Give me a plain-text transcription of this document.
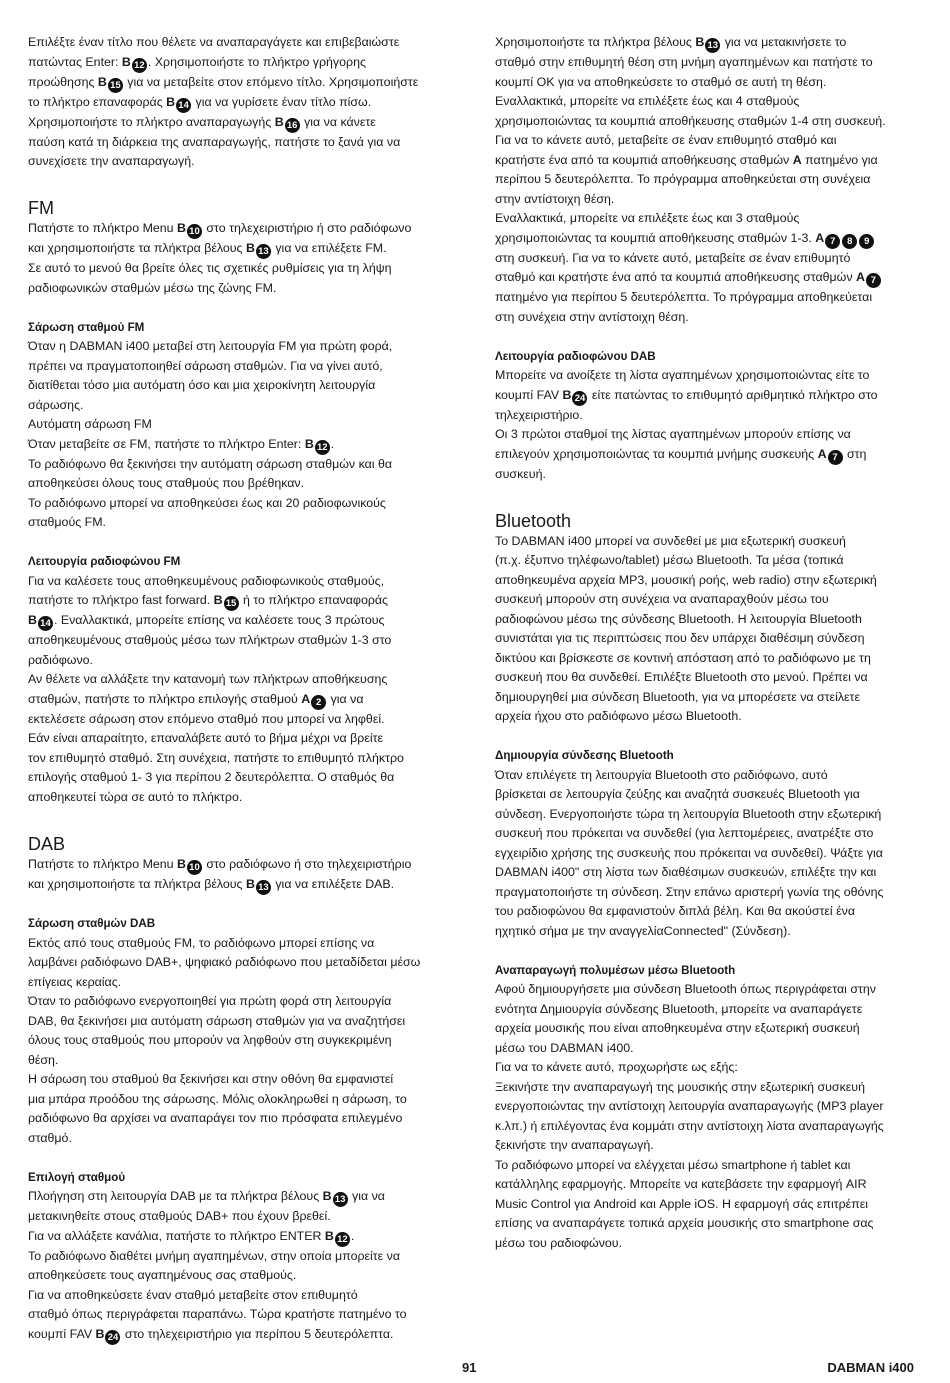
Επιλέξτε έναν τίτλο που θέλετε να αναπαραγάγετε και επιβεβαιώστε

πατώντας Enter: B 12 . Χρησιμοποιήστε το πλήκτρο γρήγορης

προώθησης B 15 για να μεταβείτε στον επόμενο τίτλο. Χρησιμοποιήστε

το πλήκτρο επαναφοράς B 14 για να γυρίσετε έναν τίτλο πίσω.

Χρησιμοποιήστε το πλήκτρο αναπαραγωγής B 16 για να κάνετε

παύση κατά τη διάρκεια της αναπαραγωγής, πατήστε το ξανά για να

συνεχίσετε την αναπαραγωγή.

FM

Πατήστε το πλήκτρο Menu B 10 στο τηλεχειριστήριο ή στο ραδιόφωνο

και χρησιμοποιήστε τα πλήκτρα βέλους B 13 για να επιλέξετε FM.

Σε αυτό το μενού θα βρείτε όλες τις σχετικές ρυθμίσεις για τη λήψη

ραδιοφωνικών σταθμών μέσω της ζώνης FM.

Σάρωση σταθμού FM

Όταν η DABMAN i400 μεταβεί στη λειτουργία FM για πρώτη φορά,

πρέπει να πραγματοποιηθεί σάρωση σταθμών. Για να γίνει αυτό,

διατίθεται τόσο μια αυτόματη όσο και μια χειροκίνητη λειτουργία

σάρωσης.

Αυτόματη σάρωση FM

Όταν μεταβείτε σε FM, πατήστε το πλήκτρο Enter: B 12 .

Το ραδιόφωνο θα ξεκινήσει την αυτόματη σάρωση σταθμών και θα

αποθηκεύσει όλους τους σταθμούς που βρέθηκαν.

Το ραδιόφωνο μπορεί να αποθηκεύσει έως και 20 ραδιοφωνικούς

σταθμούς FM.

Λειτουργία ραδιοφώνου FM

Για να καλέσετε τους αποθηκευμένους ραδιοφωνικούς σταθμούς,

πατήστε το πλήκτρο fast forward. B 15 ή το πλήκτρο επαναφοράς

B 14 . Εναλλακτικά, μπορείτε επίσης να καλέσετε τους 3 πρώτους

αποθηκευμένους σταθμούς μέσω των πλήκτρων σταθμών 1-3 στο

ραδιόφωνο.

Αν θέλετε να αλλάξετε την κατανομή των πλήκτρων αποθήκευσης

σταθμών, πατήστε το πλήκτρο επιλογής σταθμού A 2 για να

εκτελέσετε σάρωση στον επόμενο σταθμό που μπορεί να ληφθεί.

Εάν είναι απαραίτητο, επαναλάβετε αυτό το βήμα μέχρι να βρείτε

τον επιθυμητό σταθμό. Στη συνέχεια, πατήστε το επιθυμητό πλήκτρο

επιλογής σταθμού 1- 3 για περίπου 2 δευτερόλεπτα. Ο σταθμός θα

αποθηκευτεί τώρα σε αυτό το πλήκτρο.

DAB

Πατήστε το πλήκτρο Menu B 10 στο ραδιόφωνο ή στο τηλεχειριστήριο

και χρησιμοποιήστε τα πλήκτρα βέλους B 13 για να επιλέξετε DAB.

Σάρωση σταθμών DAB

Εκτός από τους σταθμούς FM, το ραδιόφωνο μπορεί επίσης να

λαμβάνει ραδιόφωνο DAB+, ψηφιακό ραδιόφωνο που μεταδίδεται μέσω

επίγειας κεραίας.

Όταν το ραδιόφωνο ενεργοποιηθεί για πρώτη φορά στη λειτουργία

DAB, θα ξεκινήσει μια αυτόματη σάρωση σταθμών για να αναζητήσει

όλους τους σταθμούς που μπορούν να ληφθούν στη συγκεκριμένη

θέση.

Η σάρωση του σταθμού θα ξεκινήσει και στην οθόνη θα εμφανιστεί

μια μπάρα προόδου της σάρωσης. Μόλις ολοκληρωθεί η σάρωση, το

ραδιόφωνο θα αρχίσει να αναπαράγει τον πιο πρόσφατα επιλεγμένο

σταθμό.

Επιλογή σταθμού

Πλοήγηση στη λειτουργία DAB με τα πλήκτρα βέλους B 13 για να

μετακινηθείτε στους σταθμούς DAB+ που έχουν βρεθεί.

Για να αλλάξετε κανάλια, πατήστε το πλήκτρο ENTER B 12 .

Το ραδιόφωνο διαθέτει μνήμη αγαπημένων, στην οποία μπορείτε να

αποθηκεύσετε τους αγαπημένους σας σταθμούς.

Για να αποθηκεύσετε έναν σταθμό μεταβείτε στον επιθυμητό

σταθμό όπως περιγράφεται παραπάνω. Τώρα κρατήστε πατημένο το

κουμπί FAV B 24 στο τηλεχειριστήριο για περίπου 5 δευτερόλεπτα.

Χρησιμοποιήστε τα πλήκτρα βέλους B 13 για να μετακινήσετε το

σταθμό στην επιθυμητή θέση στη μνήμη αγαπημένων και πατήστε το

κουμπί OK για να αποθηκεύσετε το σταθμό σε αυτή τη θέση.

Εναλλακτικά, μπορείτε να επιλέξετε έως και 4 σταθμούς

χρησιμοποιώντας τα κουμπιά αποθήκευσης σταθμών 1-4 στη συσκευή.

Για να το κάνετε αυτό, μεταβείτε σε έναν επιθυμητό σταθμό και

κρατήστε ένα από τα κουμπιά αποθήκευσης σταθμών A πατημένο για

περίπου 5 δευτερόλεπτα. Το πρόγραμμα αποθηκεύεται στη συνέχεια

στην αντίστοιχη θέση.

Εναλλακτικά, μπορείτε να επιλέξετε έως και 3 σταθμούς

χρησιμοποιώντας τα κουμπιά αποθήκευσης σταθμών 1-3. A 7 8 9

στη συσκευή. Για να το κάνετε αυτό, μεταβείτε σε έναν επιθυμητό

σταθμό και κρατήστε ένα από τα κουμπιά αποθήκευσης σταθμών A 7

πατημένο για περίπου 5 δευτερόλεπτα. Το πρόγραμμα αποθηκεύεται

στη συνέχεια στην αντίστοιχη θέση.

Λειτουργία ραδιοφώνου DAB

Μπορείτε να ανοίξετε τη λίστα αγαπημένων χρησιμοποιώντας είτε το

κουμπί FAV B 24 είτε πατώντας το επιθυμητό αριθμητικό πλήκτρο στο

τηλεχειριστήριο.

Οι 3 πρώτοι σταθμοί της λίστας αγαπημένων μπορούν επίσης να

επιλεγούν χρησιμοποιώντας τα κουμπιά μνήμης συσκευής A 7 στη

συσκευή.

Bluetooth

Το DABMAN i400 μπορεί να συνδεθεί με μια εξωτερική συσκευή

(π.χ. έξυπνο τηλέφωνο/tablet) μέσω Bluetooth. Τα μέσα (τοπικά

αποθηκευμένα αρχεία MP3, μουσική ροής, web radio) στην εξωτερική

συσκευή μπορούν στη συνέχεια να αναπαραχθούν μέσω του

ραδιοφώνου μέσω της σύνδεσης Bluetooth. Η λειτουργία Bluetooth

συνιστάται για τις περιπτώσεις που δεν υπάρχει διαθέσιμη σύνδεση

δικτύου και βρίσκεστε σε κοντινή απόσταση από το ραδιόφωνο με τη

συσκευή που θα συνδεθεί. Επιλέξτε Bluetooth στο μενού. Πρέπει να

δημιουργηθεί μια σύνδεση Bluetooth, για να μπορέσετε να στείλετε

αρχεία ήχου στο ραδιόφωνο μέσω Bluetooth.

Δημιουργία σύνδεσης Bluetooth

Όταν επιλέγετε τη λειτουργία Bluetooth στο ραδιόφωνο, αυτό

βρίσκεται σε λειτουργία ζεύξης και αναζητά συσκευές Bluetooth για

σύνδεση. Ενεργοποιήστε τώρα τη λειτουργία Bluetooth στην εξωτερική

συσκευή που πρόκειται να συνδεθεί (για λεπτομέρειες, ανατρέξτε στο

εγχειρίδιο χρήσης της συσκευής που πρόκειται να συνδεθεί). Ψάξτε για

DABMAN i400" στη λίστα των διαθέσιμων συσκευών, επιλέξτε την και

πραγματοποιήστε τη σύνδεση. Στην επάνω αριστερή γωνία της οθόνης

του ραδιοφώνου θα εμφανιστούν διπλά βέλη. Και θα ακούστεί ένα

ηχητικό σήμα με την αναγγελίαConnected" (Σύνδεση).

Αναπαραγωγή πολυμέσων μέσω Bluetooth

Αφού δημιουργήσετε μια σύνδεση Bluetooth όπως περιγράφεται στην

ενότητα Δημιουργία σύνδεσης Bluetooth, μπορείτε να αναπαράγετε

αρχεία μουσικής που είναι αποθηκευμένα στην εξωτερική συσκευή

μέσω του DABMAN i400.

Για να το κάνετε αυτό, προχωρήστε ως εξής:

Ξεκινήστε την αναπαραγωγή της μουσικής στην εξωτερική συσκευή

ενεργοποιώντας την αντίστοιχη λειτουργία αναπαραγωγής (MP3 player

κ.λπ.) ή επιλέγοντας ένα κομμάτι στην αντίστοιχη λίστα αναπαραγωγής

ξεκινήστε την αναπαραγωγή.

Το ραδιόφωνο μπορεί να ελέγχεται μέσω smartphone ή tablet και

κατάλληλης εφαρμογής. Μπορείτε να κατεβάσετε την εφαρμογή AIR

Music Control για Android και Apple iOS. Η εφαρμογή σάς επιτρέπει

επίσης να αναπαράγετε τοπικά αρχεία μουσικής στο smartphone σας

μέσω του ραδιοφώνου.

91	DABMAN i400
